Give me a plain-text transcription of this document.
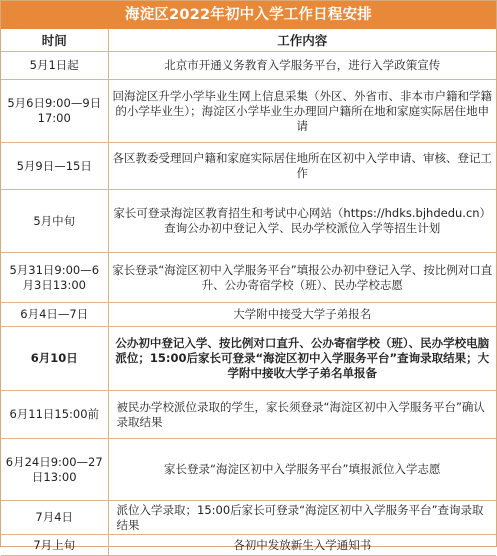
海淀区2022年初中入学工作日程安排
时间	工作内容
5月1日起	北京市开通义务教育入学服务平台，进行入学政策宣传
5月6日9:00—9日17:00	回海淀区升学小学毕业生网上信息采集（外区、外省市、非本市户籍和学籍的小学毕业生）；海淀区小学毕业生办理回户籍所在地和家庭实际居住地申请
5月9日—15日	各区教委受理回户籍和家庭实际居住地所在区初中入学申请、审核、登记工作
5月中旬	家长可登录海淀区教育招生和考试中心网站（https://hdks.bjhdedu.cn）查询公办初中登记入学、民办学校派位入学等招生计划
5月31日9:00—6月3日13:00	家长登录“海淀区初中入学服务平台”填报公办初中登记入学、按比例对口直升、公办寄宿学校（班）、民办学校志愿
6月4日—7日	大学附中接受大学子弟报名
6月10日	公办初中登记入学、按比例对口直升、公办寄宿学校（班）、民办学校电脑派位；15:00后家长可登录“海淀区初中入学服务平台”查询录取结果；大学附中接收大学子弟名单报备
6月11日15:00前	被民办学校派位录取的学生，家长须登录“海淀区初中入学服务平台”确认录取结果
6月24日9:00—27日13:00	家长登录“海淀区初中入学服务平台”填报派位入学志愿
7月4日	派位入学录取；15:00后家长可登录“海淀区初中入学服务平台”查询录取结果
7月上旬	各初中发放新生入学通知书
